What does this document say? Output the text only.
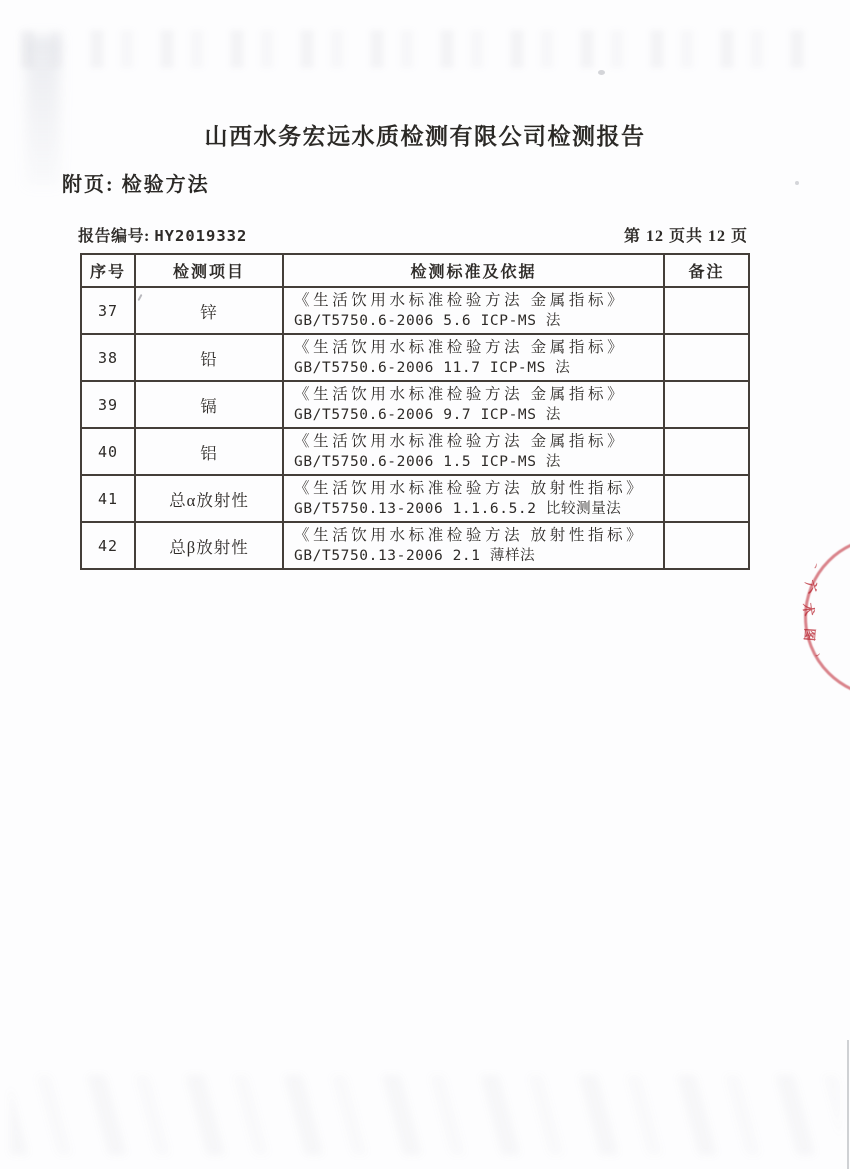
山西水务宏远水质检测有限公司检测报告
附页: 检验方法
报告编号: HY2019332	第 12 页共 12 页
序号	检测项目	检测标准及依据	备注
37	锌	《生活饮用水标准检验方法 金属指标》
GB/T5750.6-2006 5.6 ICP-MS 法	

38	铅	《生活饮用水标准检验方法 金属指标》
GB/T5750.6-2006 11.7 ICP-MS 法	

39	镉	《生活饮用水标准检验方法 金属指标》
GB/T5750.6-2006 9.7 ICP-MS 法	

40	铝	《生活饮用水标准检验方法 金属指标》
GB/T5750.6-2006 1.5 ICP-MS 法	

41	总α放射性	《生活饮用水标准检验方法 放射性指标》
GB/T5750.13-2006 1.1.6.5.2 比较测量法	

42	总β放射性	《生活饮用水标准检验方法 放射性指标》
GB/T5750.13-2006 2.1 薄样法	

丶
六
术
图
丶
